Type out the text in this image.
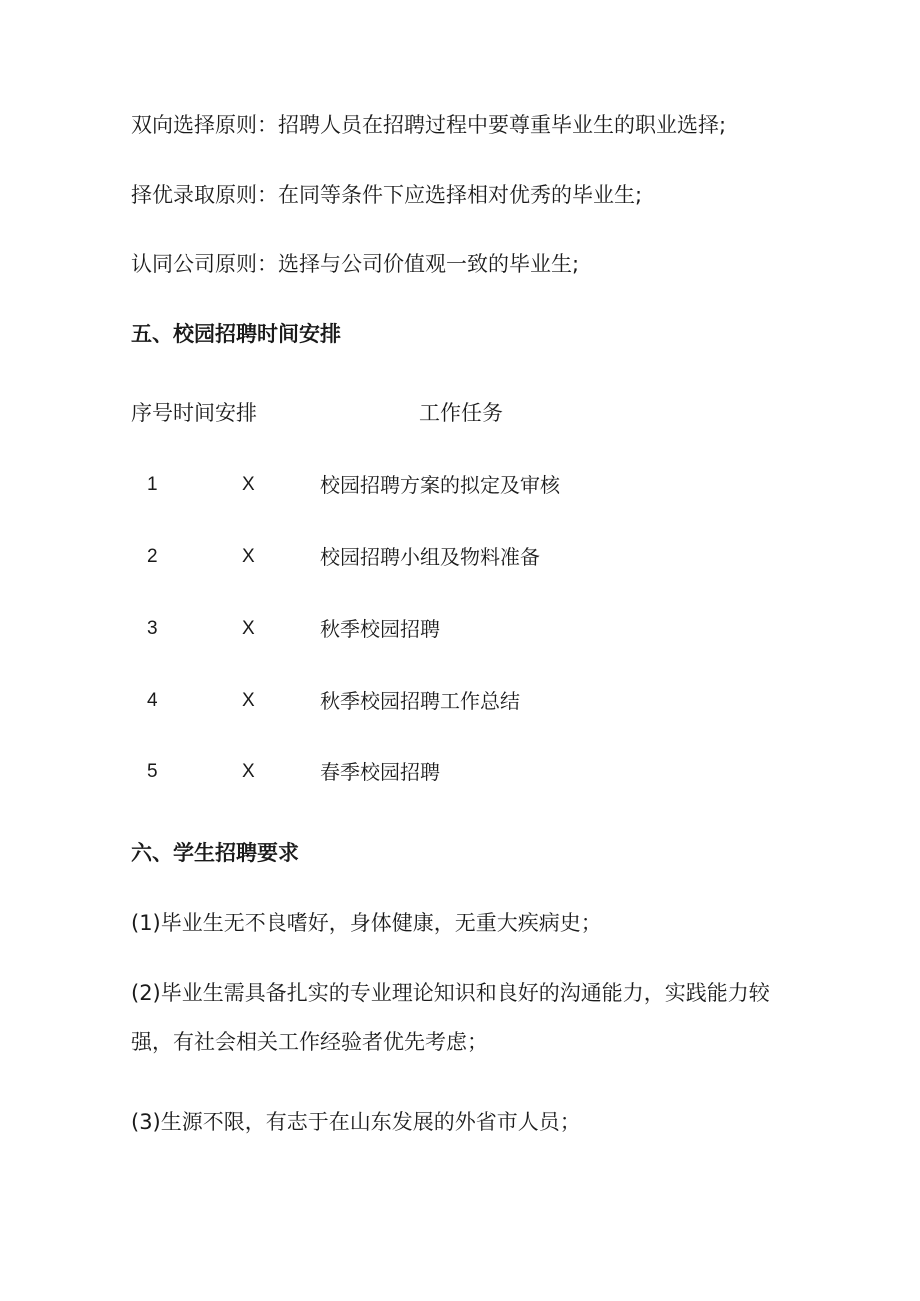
双向选择原则：招聘人员在招聘过程中要尊重毕业生的职业选择;
择优录取原则：在同等条件下应选择相对优秀的毕业生;
认同公司原则：选择与公司价值观一致的毕业生;
五、校园招聘时间安排
序号时间安排	工作任务
1	X	校园招聘方案的拟定及审核
2	X	校园招聘小组及物料准备
3	X	秋季校园招聘
4	X	秋季校园招聘工作总结
5	X	春季校园招聘
六、学生招聘要求
(1)毕业生无不良嗜好，身体健康，无重大疾病史；
(2)毕业生需具备扎实的专业理论知识和良好的沟通能力，实践能力较
强，有社会相关工作经验者优先考虑；
(3)生源不限，有志于在山东发展的外省市人员；
